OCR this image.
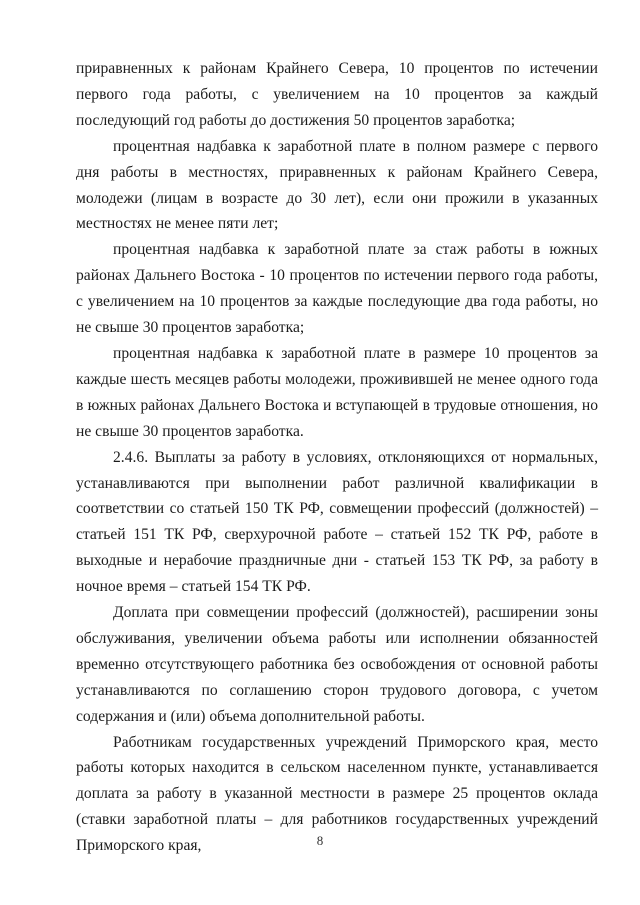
приравненных к районам Крайнего Севера, 10 процентов по истечении первого года работы, с увеличением на 10 процентов за каждый последующий год работы до достижения 50 процентов заработка;

процентная надбавка к заработной плате в полном размере с первого дня работы в местностях, приравненных к районам Крайнего Севера, молодежи (лицам в возрасте до 30 лет), если они прожили в указанных местностях не менее пяти лет;

процентная надбавка к заработной плате за стаж работы в южных районах Дальнего Востока - 10 процентов по истечении первого года работы, с увеличением на 10 процентов за каждые последующие два года работы, но не свыше 30 процентов заработка;

процентная надбавка к заработной плате в размере 10 процентов за каждые шесть месяцев работы молодежи, проживившей не менее одного года в южных районах Дальнего Востока и вступающей в трудовые отношения, но не свыше 30 процентов заработка.

2.4.6. Выплаты за работу в условиях, отклоняющихся от нормальных, устанавливаются при выполнении работ различной квалификации в соответствии со статьей 150 ТК РФ, совмещении профессий (должностей) – статьей 151 ТК РФ, сверхурочной работе – статьей 152 ТК РФ, работе в выходные и нерабочие праздничные дни - статьей 153 ТК РФ, за работу в ночное время – статьей 154 ТК РФ.

Доплата при совмещении профессий (должностей), расширении зоны обслуживания, увеличении объема работы или исполнении обязанностей временно отсутствующего работника без освобождения от основной работы устанавливаются по соглашению сторон трудового договора, с учетом содержания и (или) объема дополнительной работы.

Работникам государственных учреждений Приморского края, место работы которых находится в сельском населенном пункте, устанавливается доплата за работу в указанной местности в размере 25 процентов оклада (ставки заработной платы – для работников государственных учреждений Приморского края,	8
